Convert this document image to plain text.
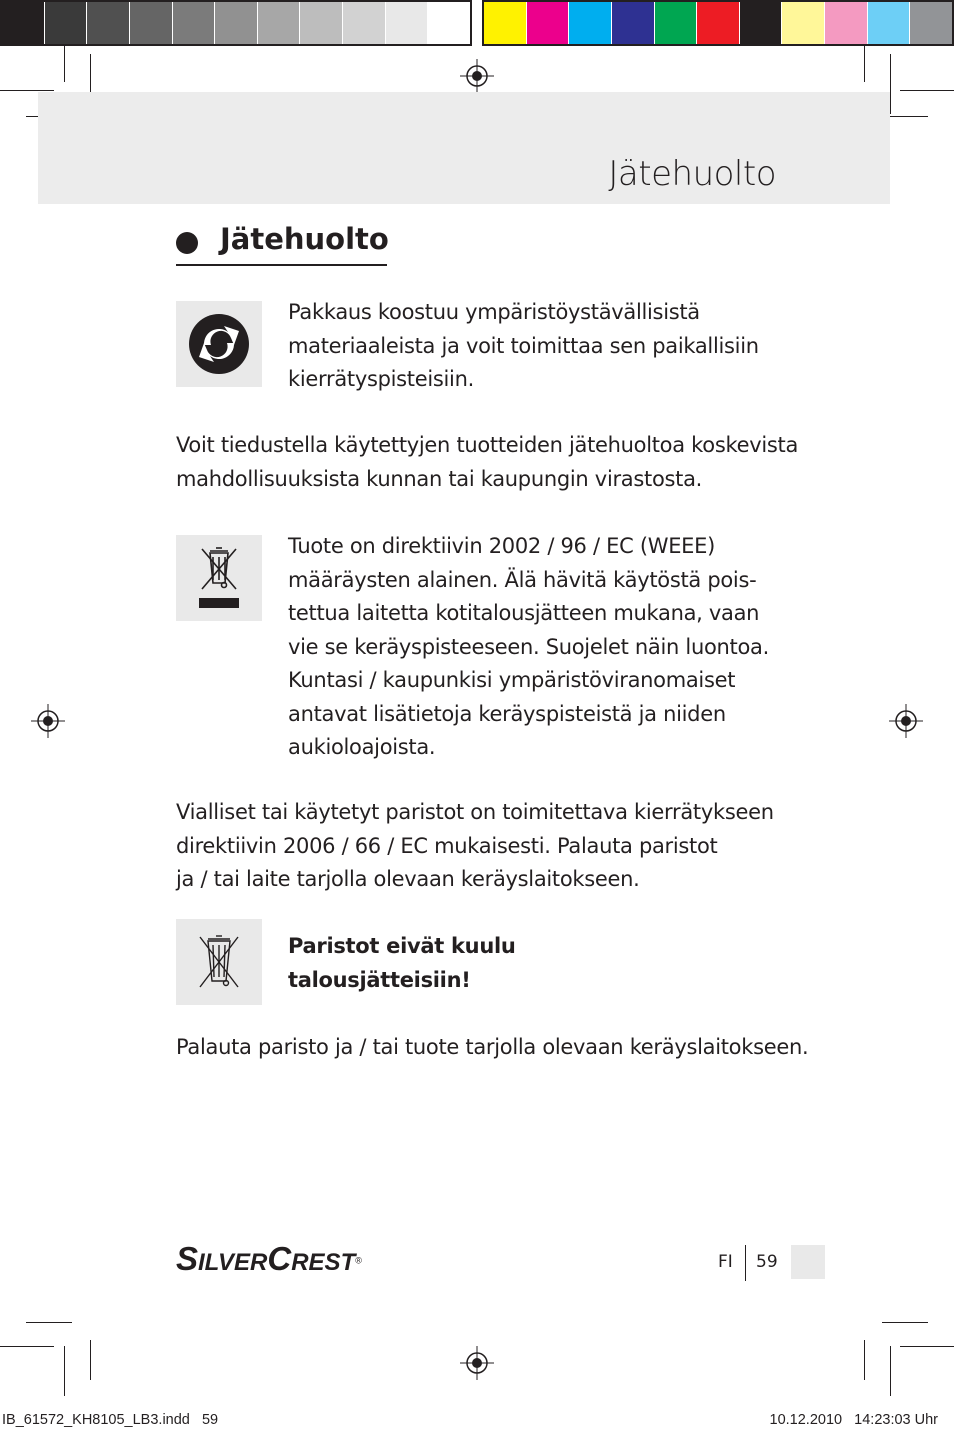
Jätehuolto
Jätehuolto
Pakkaus koostuu ympäristöystävällisistä
materiaaleista ja voit toimittaa sen paikallisiin
kierrätyspisteisiin.
Voit tiedustella käytettyjen tuotteiden jätehuoltoa koskevista
mahdollisuuksista kunnan tai kaupungin virastosta.
Tuote on direktiivin 2002 / 96 / EC (WEEE)
määräysten alainen. Älä hävitä käytöstä pois-
tettua laitetta kotitalousjätteen mukana, vaan
vie se keräyspisteeseen. Suojelet näin luontoa.
Kuntasi / kaupunkisi ympäristöviranomaiset
antavat lisätietoja keräyspisteistä ja niiden
aukioloajoista.
Vialliset tai käytetyt paristot on toimitettava kierrätykseen
direktiivin 2006 / 66 / EC mukaisesti. Palauta paristot
ja / tai laite tarjolla olevaan keräyslaitokseen.
Paristot eivät kuulu
talousjätteisiin!
Palauta paristo ja / tai tuote tarjolla olevaan keräyslaitokseen.
SILVERCREST®	FI 59
IB_61572_KH8105_LB3.indd   59	10.12.2010   14:23:03 Uhr
